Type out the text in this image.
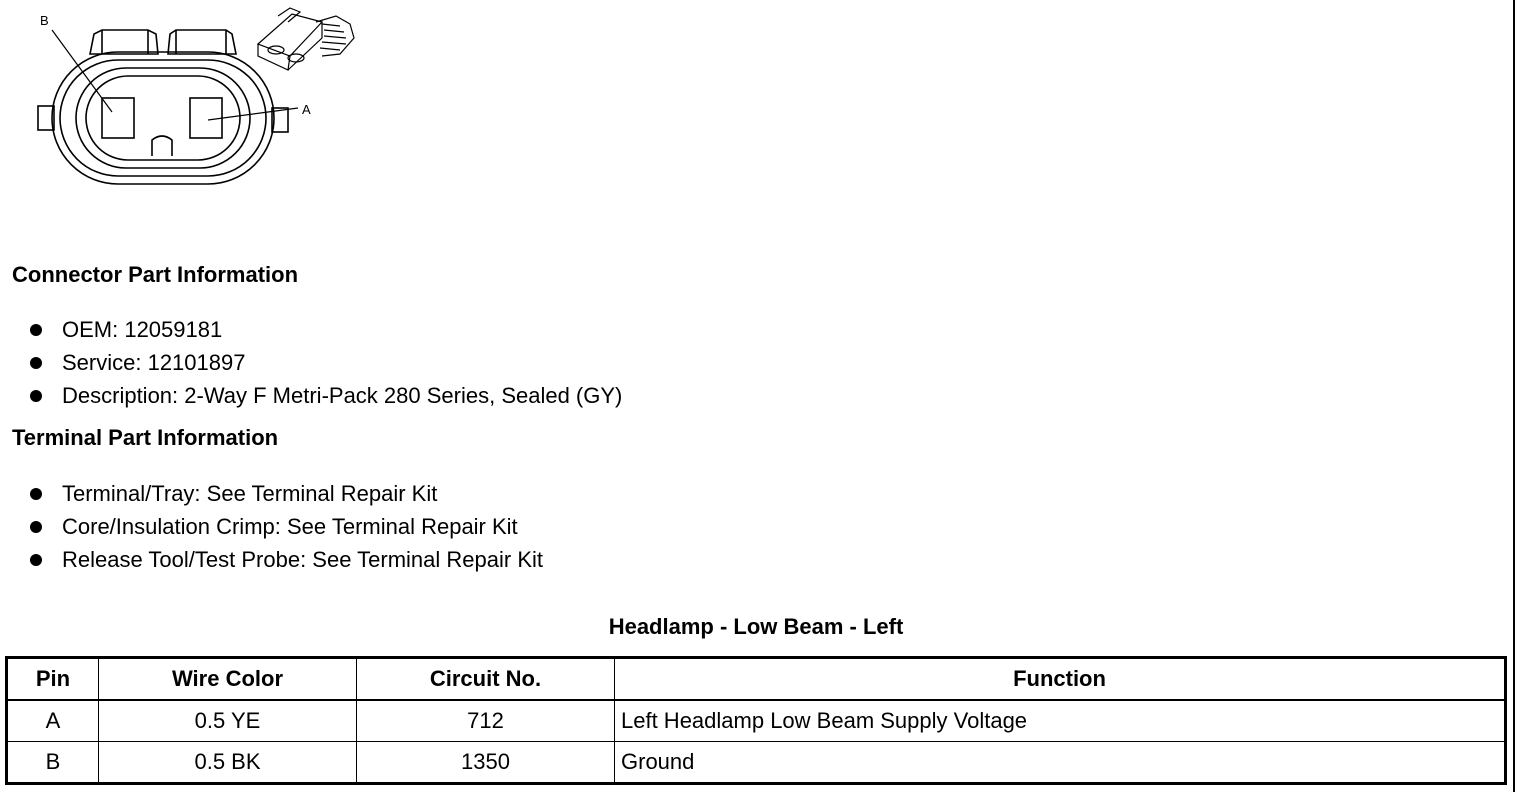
B
A
Connector Part Information
OEM: 12059181
Service: 12101897
Description: 2-Way F Metri-Pack 280 Series, Sealed (GY)
Terminal Part Information
Terminal/Tray: See Terminal Repair Kit
Core/Insulation Crimp: See Terminal Repair Kit
Release Tool/Test Probe: See Terminal Repair Kit
Headlamp - Low Beam - Left
Pin	Wire Color	Circuit No.	Function
A	0.5 YE	712	Left Headlamp Low Beam Supply Voltage
B	0.5 BK	1350	Ground
